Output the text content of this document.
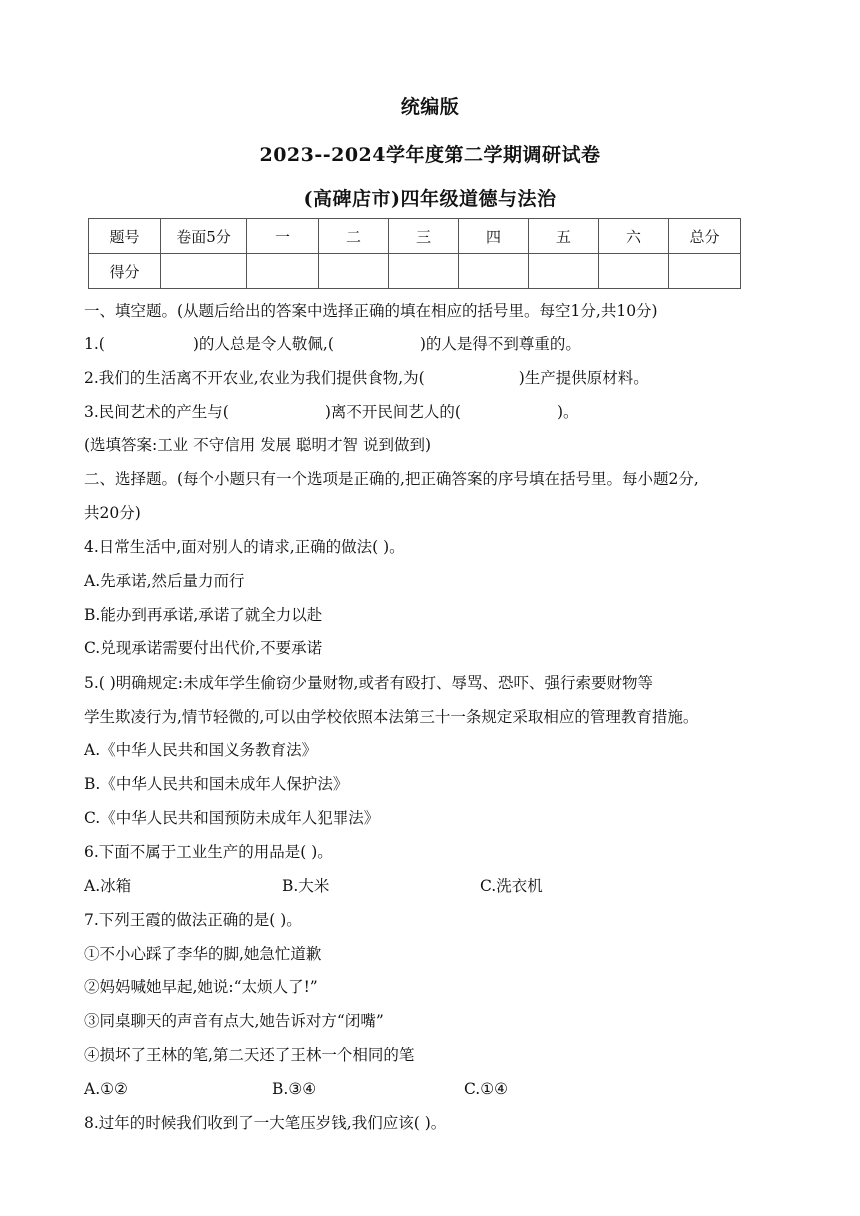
统编版
2023--2024学年度第二学期调研试卷
(高碑店市)四年级道德与法治
题号	卷面5分	一	二	三	四	五	六	总分
得分								
一、填空题。(从题后给出的答案中选择正确的填在相应的括号里。每空1分,共10分)
1.(	)的人总是令人敬佩,(	)的人是得不到尊重的。
2.我们的生活离不开农业,农业为我们提供食物,为(	)生产提供原材料。
3.民间艺术的产生与(	)离不开民间艺人的(	)。
(选填答案:工业 不守信用 发展 聪明才智 说到做到)
二、选择题。(每个小题只有一个选项是正确的,把正确答案的序号填在括号里。每小题2分,
共20分)
4.日常生活中,面对别人的请求,正确的做法( )。
A.先承诺,然后量力而行
B.能办到再承诺,承诺了就全力以赴
C.兑现承诺需要付出代价,不要承诺
5.( )明确规定:未成年学生偷窃少量财物,或者有殴打、辱骂、恐吓、强行索要财物等
学生欺凌行为,情节轻微的,可以由学校依照本法第三十一条规定采取相应的管理教育措施。
A.《中华人民共和国义务教育法》
B.《中华人民共和国未成年人保护法》
C.《中华人民共和国预防未成年人犯罪法》
6.下面不属于工业生产的用品是( )。
A.冰箱	B.大米	C.洗衣机
7.下列王霞的做法正确的是( )。
①不小心踩了李华的脚,她急忙道歉
②妈妈喊她早起,她说:“太烦人了!”
③同桌聊天的声音有点大,她告诉对方“闭嘴”
④损坏了王林的笔,第二天还了王林一个相同的笔
A.①②	B.③④	C.①④
8.过年的时候我们收到了一大笔压岁钱,我们应该( )。
